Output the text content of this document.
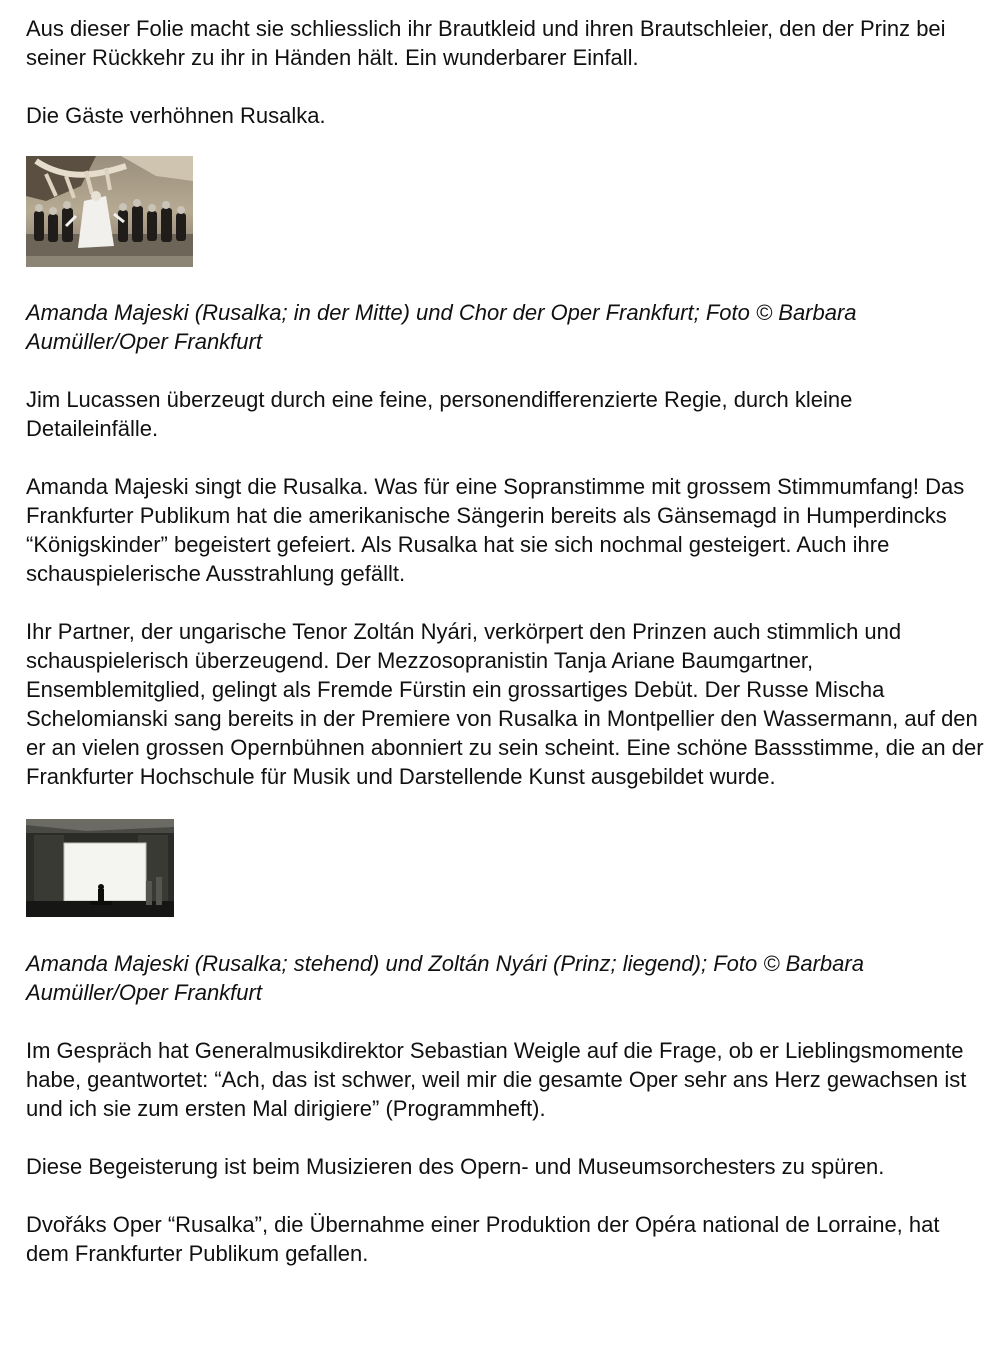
Aus dieser Folie macht sie schliesslich ihr Brautkleid und ihren Brautschleier, den der Prinz bei seiner Rückkehr zu ihr in Händen hält. Ein wunderbarer Einfall.

Die Gäste verhöhnen Rusalka.

Amanda Majeski (Rusalka; in der Mitte) und Chor der Oper Frankfurt; Foto © Barbara Aumüller/Oper Frankfurt

Jim Lucassen überzeugt durch eine feine, personendifferenzierte Regie, durch kleine Detaileinfälle.

Amanda Majeski singt die Rusalka. Was für eine Sopranstimme mit grossem Stimmumfang! Das Frankfurter Publikum hat die amerikanische Sängerin bereits als Gänsemagd in Humperdincks “Königskinder” begeistert gefeiert. Als Rusalka hat sie sich nochmal gesteigert. Auch ihre schauspielerische Ausstrahlung gefällt.

Ihr Partner, der ungarische Tenor Zoltán Nyári, verkörpert den Prinzen auch stimmlich und schauspielerisch überzeugend. Der Mezzosopranistin Tanja Ariane Baumgartner, Ensemblemitglied, gelingt als Fremde Fürstin ein grossartiges Debüt. Der Russe Mischa Schelomianski sang bereits in der Premiere von Rusalka in Montpellier den Wassermann, auf den er an vielen grossen Opernbühnen abonniert zu sein scheint. Eine schöne Bassstimme, die an der Frankfurter Hochschule für Musik und Darstellende Kunst ausgebildet wurde.

Amanda Majeski (Rusalka; stehend) und Zoltán Nyári (Prinz; liegend); Foto © Barbara Aumüller/Oper Frankfurt

Im Gespräch hat Generalmusikdirektor Sebastian Weigle auf die Frage, ob er Lieblingsmomente habe, geantwortet: “Ach, das ist schwer, weil mir die gesamte Oper sehr ans Herz gewachsen ist und ich sie zum ersten Mal dirigiere” (Programmheft).

Diese Begeisterung ist beim Musizieren des Opern- und Museumsorchesters zu spüren.

Dvořáks Oper “Rusalka”, die Übernahme einer Produktion der Opéra national de Lorraine, hat dem Frankfurter Publikum gefallen.
